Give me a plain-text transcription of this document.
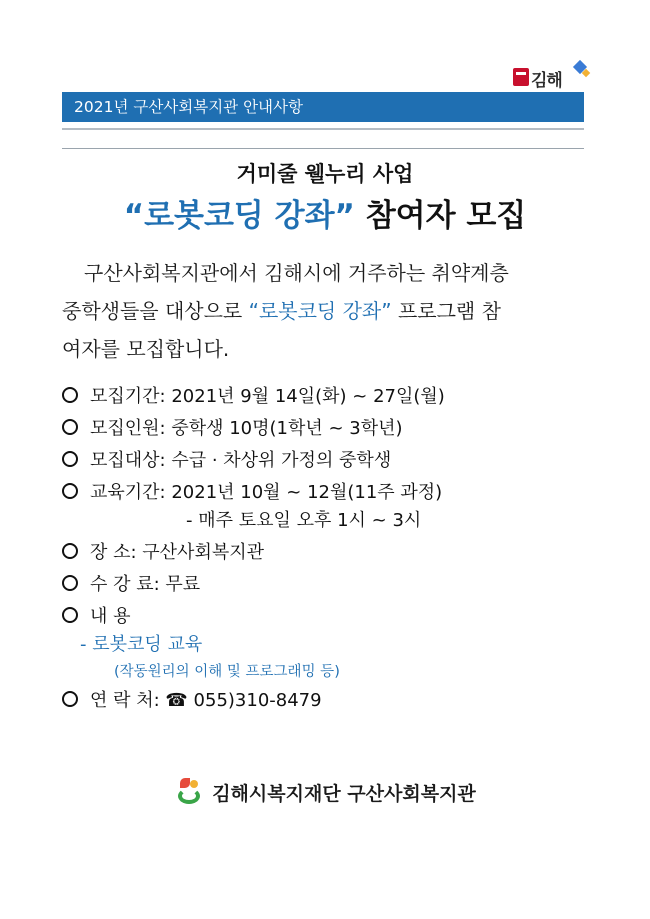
김해
2021년 구산사회복지관 안내사항
거미줄 웰누리 사업
“로봇코딩 강좌” 참여자 모집
구산사회복지관에서 김해시에 거주하는 취약계층
중학생들을 대상으로 “로봇코딩 강좌” 프로그램 참
여자를 모집합니다.
모집기간: 2021년 9월 14일(화) ~ 27일(월)
모집인원: 중학생 10명(1학년 ~ 3학년)
모집대상: 수급 · 차상위 가정의 중학생
교육기간: 2021년 10월 ~ 12월(11주 과정)
- 매주 토요일 오후 1시 ~ 3시
장 소: 구산사회복지관
수 강 료: 무료
내 용
- 로봇코딩 교육
(작동원리의 이해 및 프로그래밍 등)
연 락 처: ☎ 055)310-8479
김해시복지재단 구산사회복지관
